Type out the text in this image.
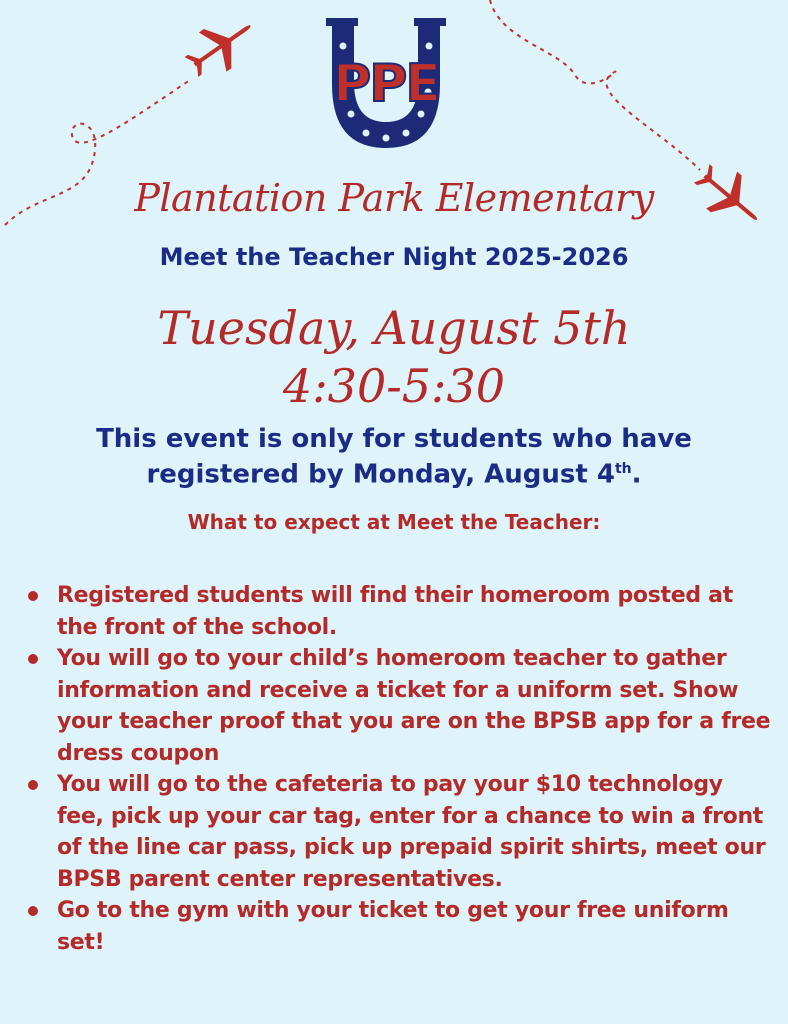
PPE
Plantation Park Elementary
Meet the Teacher Night 2025-2026
Tuesday, August 5th
4:30-5:30
This event is only for students who have registered by Monday, August 4th.
What to expect at Meet the Teacher:
Registered students will find their homeroom posted at the front of the school.
You will go to your child’s homeroom teacher to gather information and receive a ticket for a uniform set. Show your teacher proof that you are on the BPSB app for a free dress coupon
You will go to the cafeteria to pay your $10 technology fee, pick up your car tag, enter for a chance to win a front of the line car pass, pick up prepaid spirit shirts, meet our BPSB parent center representatives.
Go to the gym with your ticket to get your free uniform set!
